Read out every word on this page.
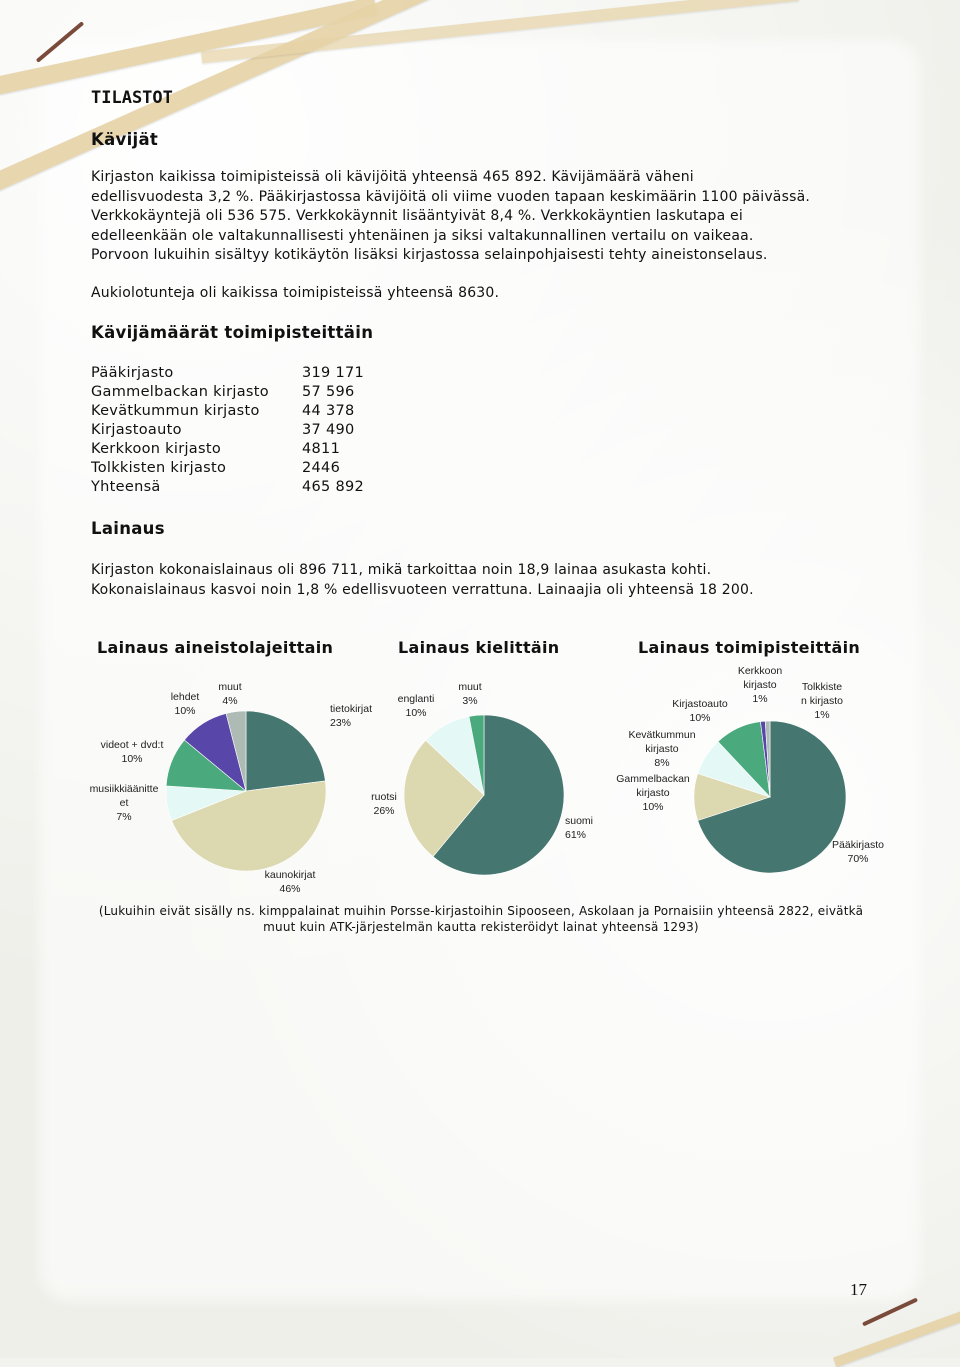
TILASTOT
Kävijät

Kirjaston kaikissa toimipisteissä oli kävijöitä yhteensä 465 892. Kävijämäärä väheni

edellisvuodesta 3,2 %. Pääkirjastossa kävijöitä oli viime vuoden tapaan keskimäärin 1100 päivässä.

Verkkokäyntejä oli 536 575. Verkkokäynnit lisääntyivät 8,4 %. Verkkokäyntien laskutapa ei

edelleenkään ole valtakunnallisesti yhtenäinen ja siksi valtakunnallinen vertailu on vaikeaa.

Porvoon lukuihin sisältyy kotikäytön lisäksi kirjastossa selainpohjaisesti tehty aineistonselaus.

Aukiolotunteja oli kaikissa toimipisteissä yhteensä 8630.

Kävijämäärät toimipisteittäin
Pääkirjasto	319 171
Gammelbackan kirjasto	57 596
Kevätkummun kirjasto	44 378
Kirjastoauto	37 490
Kerkkoon kirjasto	4811
Tolkkisten kirjasto	2446
Yhteensä	465 892
Lainaus

Kirjaston kokonaislainaus oli 896 711, mikä tarkoittaa noin 18,9 lainaa asukasta kohti.

Kokonaislainaus kasvoi noin 1,8 % edellisvuoteen verrattuna. Lainaajia oli yhteensä 18 200.

Lainaus aineistolajeittain	Lainaus kielittäin	Lainaus toimipisteittäin
tietokirjat 23%
kaunokirjat 46%
musiikkiäänitte et 7%
videot + dvd:t 10%
lehdet 10%
muut 4%
suomi 61%
ruotsi 26%
englanti 10%
muut 3%
Pääkirjasto 70%
Gammelbackan kirjasto 10%
Kevätkummun kirjasto 8%
Kirjastoauto 10%
Kerkkoon kirjasto 1%
Tolkkiste n kirjasto 1%
(Lukuihin eivät sisälly ns. kimppalainat muihin Porsse-kirjastoihin Sipooseen, Askolaan ja Pornaisiin yhteensä 2822, eivätkä
muut kuin ATK-järjestelmän kautta rekisteröidyt lainat yhteensä 1293)
17
